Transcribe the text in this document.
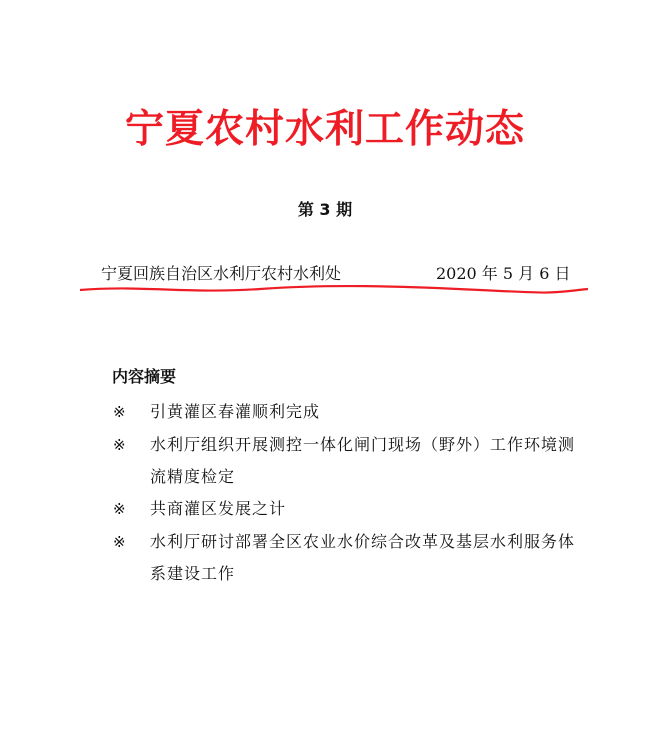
宁夏农村水利工作动态
第 3 期
宁夏回族自治区水利厅农村水利处	2020 年 5 月 6 日
内容摘要
※ 引黄灌区春灌顺利完成
※ 水利厅组织开展测控一体化闸门现场（野外）工作环境测流精度检定
※ 共商灌区发展之计
※ 水利厅研讨部署全区农业水价综合改革及基层水利服务体系建设工作
